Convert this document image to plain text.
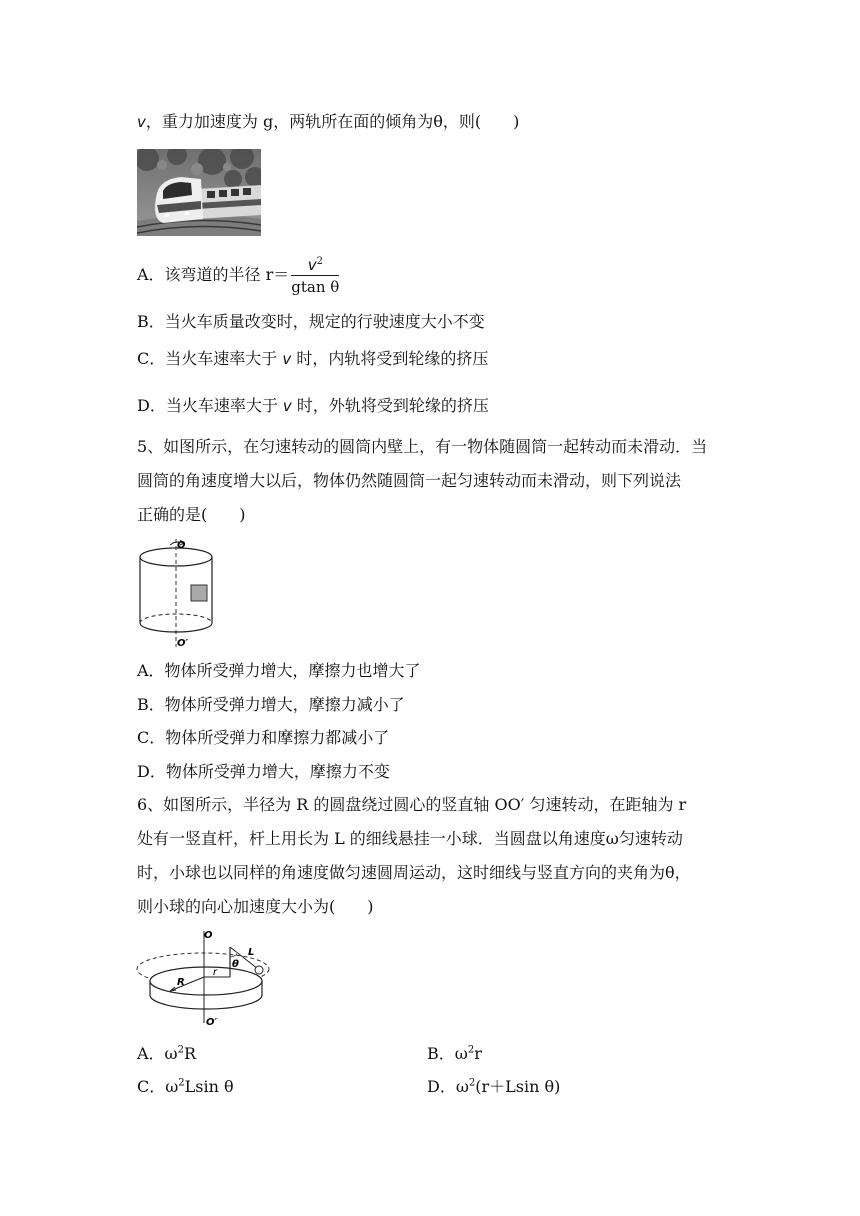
v，重力加速度为 g，两轨所在面的倾角为θ，则(　　)
A．该弯道的半径 $r= \frac{v^2}{\text{gtan θ}}$
B．当火车质量改变时，规定的行驶速度大小不变
C．当火车速率大于 v 时，内轨将受到轮缘的挤压
D．当火车速率大于 v 时，外轨将受到轮缘的挤压
5、如图所示，在匀速转动的圆筒内壁上，有一物体随圆筒一起转动而未滑动．当
圆筒的角速度增大以后，物体仍然随圆筒一起匀速转动而未滑动，则下列说法
正确的是(　　)
O
O′
A．物体所受弹力增大，摩擦力也增大了
B．物体所受弹力增大，摩擦力减小了
C．物体所受弹力和摩擦力都减小了
D．物体所受弹力增大，摩擦力不变
6、如图所示，半径为 R 的圆盘绕过圆心的竖直轴 OO′ 匀速转动，在距轴为 r
处有一竖直杆，杆上用长为 L 的细线悬挂一小球．当圆盘以角速度ω匀速转动
时，小球也以同样的角速度做匀速圆周运动，这时细线与竖直方向的夹角为θ，
则小球的向心加速度大小为(　　)
O
O′
R
r
L
θ
A．$\omega^2R$	B．$\omega^2r$
C．$\omega^2Lsin$ θ	D．$\omega^2(r+Lsin$ θ)
